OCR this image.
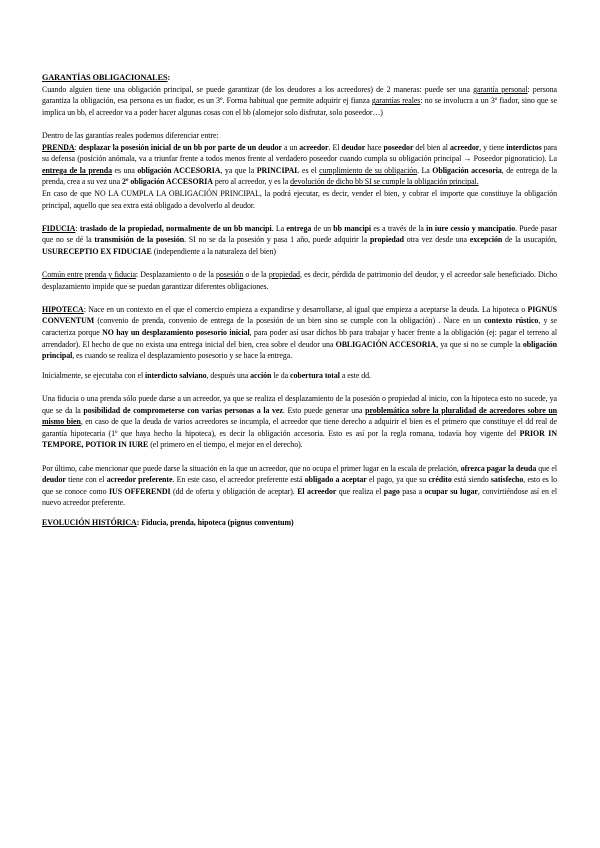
GARANTÍAS OBLIGACIONALES:

Cuando alguien tiene una obligación principal, se puede garantizar (de los deudores a los acreedores) de 2 maneras: puede ser una garantía personal: persona garantiza la obligación, esa persona es un fiador, es un 3º. Forma habitual que permite adquirir ej fianza garantías reales: no se involucra a un 3º fiador, sino que se implica un bb, el acreedor va a poder hacer algunas cosas con el bb (alomejor solo disfrutar, solo poseedor…)

Dentro de las garantías reales podemos diferenciar entre:

PRENDA: desplazar la posesión inicial de un bb por parte de un deudor a un acreedor. El deudor hace poseedor del bien al acreedor, y tiene interdictos para su defensa (posición anómala, va a triunfar frente a todos menos frente al verdadero poseedor cuando cumpla su obligación principal → Poseedor pignoraticio). La entrega de la prenda es una obligación ACCESORIA, ya que la PRINCIPAL es el cumplimiento de su obligación. La Obligación accesoria, de entrega de la prenda, crea a su vez una 2º obligación ACCESORIA pero al acreedor, y es la devolución de dicho bb SI se cumple la obligación principal.

En caso de que NO LA CUMPLA LA OBLIGACIÓN PRINCIPAL, la podrá ejecutar, es decir, vender el bien, y cobrar el importe que constituye la obligación principal, aquello que sea extra está obligado a devolverlo al deudor.

FIDUCIA: traslado de la propiedad, normalmente de un bb mancipi. La entrega de un bb mancipi es a través de la in iure cessio y mancipatio. Puede pasar que no se dé la transmisión de la posesión. SI no se da la posesión y pasa 1 año, puede adquirir la propiedad otra vez desde una excepción de la usucapión, USURECEPTIO EX FIDUCIAE (independiente a la naturaleza del bien)

Común entre prenda y fiducia: Desplazamiento o de la posesión o de la propiedad, es decir, pérdida de patrimonio del deudor, y el acreedor sale beneficiado. Dicho desplazamiento impide que se puedan garantizar diferentes obligaciones.

HIPOTECA: Nace en un contexto en el que el comercio empieza a expandirse y desarrollarse, al igual que empieza a aceptarse la deuda. La hipoteca o PIGNUS CONVENTUM (convenio de prenda, convenio de entrega de la posesión de un bien sino se cumple con la obligación) . Nace en un contexto rústico, y se caracteriza porque NO hay un desplazamiento posesorio inicial, para poder así usar dichos bb para trabajar y hacer frente a la obligación (ej: pagar el terreno al arrendador). El hecho de que no exista una entrega inicial del bien, crea sobre el deudor una OBLIGACIÓN ACCESORIA, ya que si no se cumple la obligación principal, es cuando se realiza el desplazamiento posesorio y se hace la entrega.

Inicialmente, se ejecutaba con el interdicto salviano, después una acción le da cobertura total a este dd.

Una fiducia o una prenda sólo puede darse a un acreedor, ya que se realiza el desplazamiento de la posesión o propiedad al inicio, con la hipoteca esto no sucede, ya que se da la posibilidad de comprometerse con varias personas a la vez. Esto puede generar una problemática sobre la pluralidad de acreedores sobre un mismo bien, en caso de que la deuda de varios acreedores se incumpla, el acreedor que tiene derecho a adquirir el bien es el primero que constituye el dd real de garantía hipotecaria (1º que haya hecho la hipoteca), es decir la obligación accesoria. Esto es así por la regla romana, todavía hoy vigente del PRIOR IN TEMPORE, POTIOR IN IURE (el primero en el tiempo, el mejor en el derecho).

Por último, cabe mencionar que puede darse la situación en la que un acreedor, que no ocupa el primer lugar en la escala de prelación, ofrezca pagar la deuda que el deudor tiene con el acreedor preferente. En este caso, el acreedor preferente está obligado a aceptar el pago, ya que su crédito está siendo satisfecho, esto es lo que se conoce como IUS OFFERENDI (dd de oferta y obligación de aceptar). El acreedor que realiza el pago pasa a ocupar su lugar, convirtiéndose así en el nuevo acreedor preferente.

EVOLUCIÓN HISTÓRICA: Fiducia, prenda, hipoteca (pignus conventum)
